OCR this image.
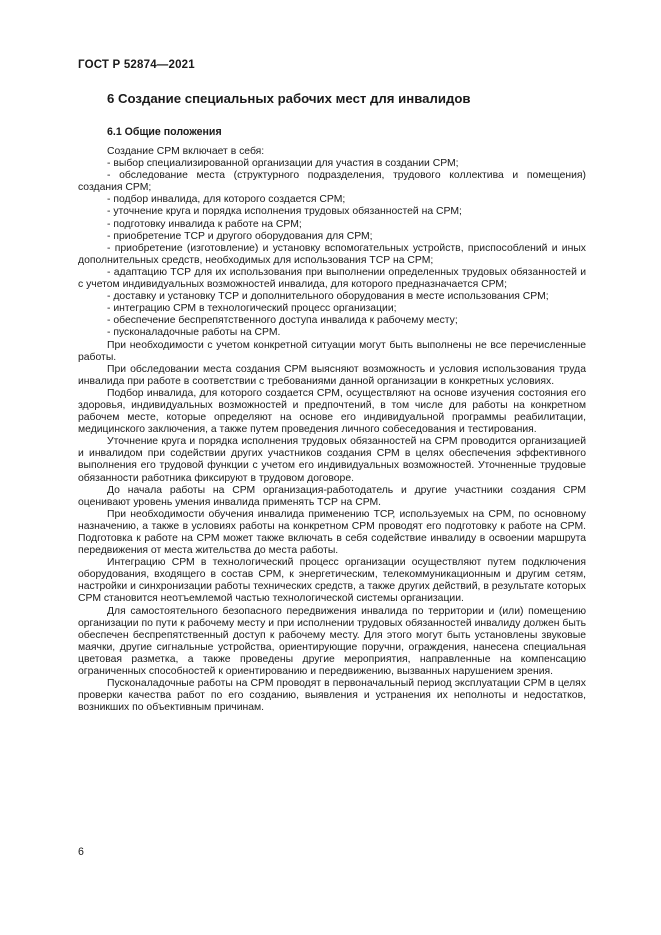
ГОСТ Р 52874—2021
6 Создание специальных рабочих мест для инвалидов
6.1 Общие положения

Создание СРМ включает в себя:

- выбор специализированной организации для участия в создании СРМ;

- обследование места (структурного подразделения, трудового коллектива и помещения) создания СРМ;

- подбор инвалида, для которого создается СРМ;

- уточнение круга и порядка исполнения трудовых обязанностей на СРМ;

- подготовку инвалида к работе на СРМ;

- приобретение ТСР и другого оборудования для СРМ;

- приобретение (изготовление) и установку вспомогательных устройств, приспособлений и иных дополнительных средств, необходимых для использования ТСР на СРМ;

- адаптацию ТСР для их использования при выполнении определенных трудовых обязанностей и с учетом индивидуальных возможностей инвалида, для которого предназначается СРМ;

- доставку и установку ТСР и дополнительного оборудования в месте использования СРМ;

- интеграцию СРМ в технологический процесс организации;

- обеспечение беспрепятственного доступа инвалида к рабочему месту;

- пусконаладочные работы на СРМ.

При необходимости с учетом конкретной ситуации могут быть выполнены не все перечисленные работы.

При обследовании места создания СРМ выясняют возможность и условия использования труда инвалида при работе в соответствии с требованиями данной организации в конкретных условиях.

Подбор инвалида, для которого создается СРМ, осуществляют на основе изучения состояния его здоровья, индивидуальных возможностей и предпочтений, в том числе для работы на конкретном рабочем месте, которые определяют на основе его индивидуальной программы реабилитации, медицинского заключения, а также путем проведения личного собеседования и тестирования.

Уточнение круга и порядка исполнения трудовых обязанностей на СРМ проводится организацией и инвалидом при содействии других участников создания СРМ в целях обеспечения эффективного выполнения его трудовой функции с учетом его индивидуальных возможностей. Уточненные трудовые обязанности работника фиксируют в трудовом договоре.

До начала работы на СРМ организация-работодатель и другие участники создания СРМ оценивают уровень умения инвалида применять ТСР на СРМ.

При необходимости обучения инвалида применению ТСР, используемых на СРМ, по основному назначению, а также в условиях работы на конкретном СРМ проводят его подготовку к работе на СРМ. Подготовка к работе на СРМ может также включать в себя содействие инвалиду в освоении маршрута передвижения от места жительства до места работы.

Интеграцию СРМ в технологический процесс организации осуществляют путем подключения оборудования, входящего в состав СРМ, к энергетическим, телекоммуникационным и другим сетям, настройки и синхронизации работы технических средств, а также других действий, в результате которых СРМ становится неотъемлемой частью технологической системы организации.

Для самостоятельного безопасного передвижения инвалида по территории и (или) помещению организации по пути к рабочему месту и при исполнении трудовых обязанностей инвалиду должен быть обеспечен беспрепятственный доступ к рабочему месту. Для этого могут быть установлены звуковые маячки, другие сигнальные устройства, ориентирующие поручни, ограждения, нанесена специальная цветовая разметка, а также проведены другие мероприятия, направленные на компенсацию ограниченных способностей к ориентированию и передвижению, вызванных нарушением зрения.

Пусконаладочные работы на СРМ проводят в первоначальный период эксплуатации СРМ в целях проверки качества работ по его созданию, выявления и устранения их неполноты и недостатков, возникших по объективным причинам.

6
